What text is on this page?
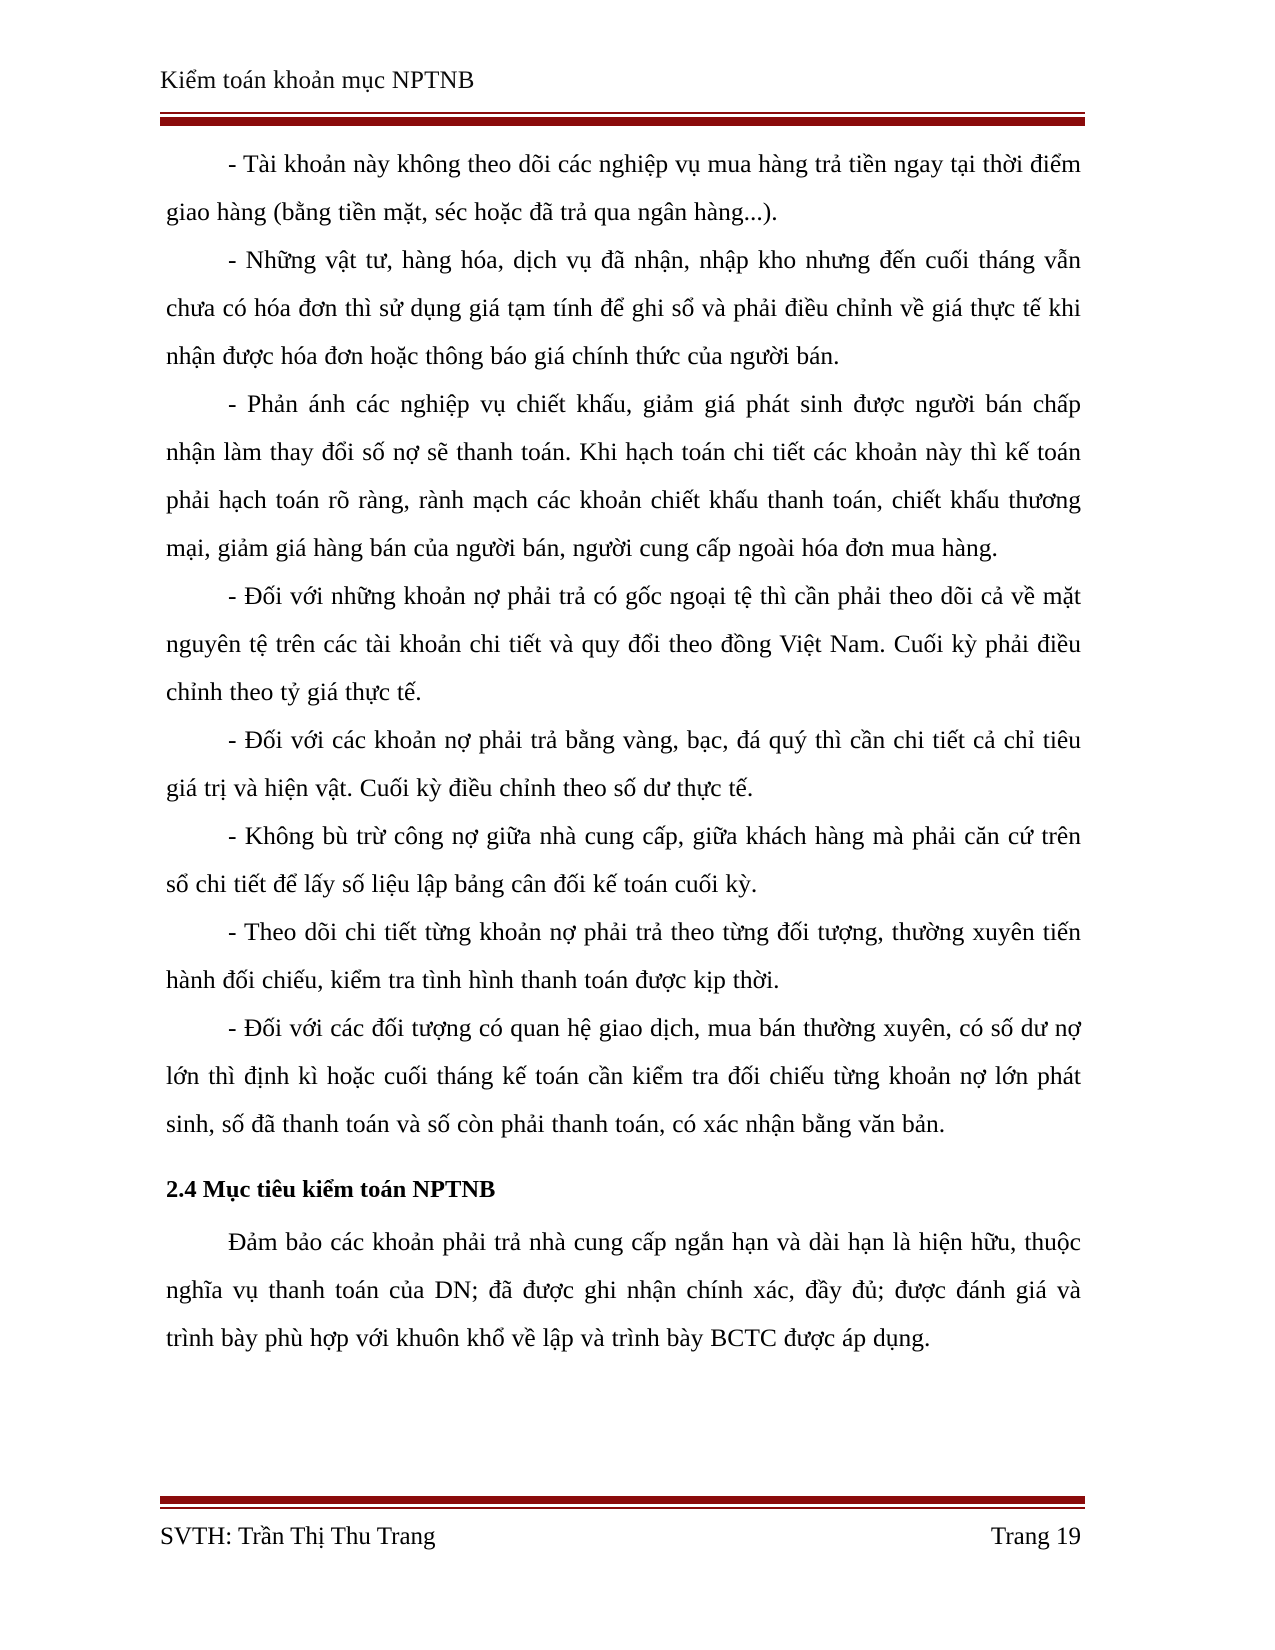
Kiểm toán khoản mục NPTNB

- Tài khoản này không theo dõi các nghiệp vụ mua hàng trả tiền ngay tại thời điểm giao hàng (bằng tiền mặt, séc hoặc đã trả qua ngân hàng...).

- Những vật tư, hàng hóa, dịch vụ đã nhận, nhập kho nhưng đến cuối tháng vẫn chưa có hóa đơn thì sử dụng giá tạm tính để ghi sổ và phải điều chỉnh về giá thực tế khi nhận được hóa đơn hoặc thông báo giá chính thức của người bán.

- Phản ánh các nghiệp vụ chiết khấu, giảm giá phát sinh được người bán chấp nhận làm thay đổi số nợ sẽ thanh toán. Khi hạch toán chi tiết các khoản này thì kế toán phải hạch toán rõ ràng, rành mạch các khoản chiết khấu thanh toán, chiết khấu thương mại, giảm giá hàng bán của người bán, người cung cấp ngoài hóa đơn mua hàng.

- Đối với những khoản nợ phải trả có gốc ngoại tệ thì cần phải theo dõi cả về mặt nguyên tệ trên các tài khoản chi tiết và quy đổi theo đồng Việt Nam. Cuối kỳ phải điều chỉnh theo tỷ giá thực tế.

- Đối với các khoản nợ phải trả bằng vàng, bạc, đá quý thì cần chi tiết cả chỉ tiêu giá trị và hiện vật. Cuối kỳ điều chỉnh theo số dư thực tế.

- Không bù trừ công nợ giữa nhà cung cấp, giữa khách hàng mà phải căn cứ trên sổ chi tiết để lấy số liệu lập bảng cân đối kế toán cuối kỳ.

- Theo dõi chi tiết từng khoản nợ phải trả theo từng đối tượng, thường xuyên tiến hành đối chiếu, kiểm tra tình hình thanh toán được kịp thời.

- Đối với các đối tượng có quan hệ giao dịch, mua bán thường xuyên, có số dư nợ lớn thì định kì hoặc cuối tháng kế toán cần kiểm tra đối chiếu từng khoản nợ lớn phát sinh, số đã thanh toán và số còn phải thanh toán, có xác nhận bằng văn bản.

2.4 Mục tiêu kiểm toán NPTNB

Đảm bảo các khoản phải trả nhà cung cấp ngắn hạn và dài hạn là hiện hữu, thuộc nghĩa vụ thanh toán của DN; đã được ghi nhận chính xác, đầy đủ; được đánh giá và trình bày phù hợp với khuôn khổ về lập và trình bày BCTC được áp dụng.

SVTH: Trần Thị Thu Trang	Trang 19
